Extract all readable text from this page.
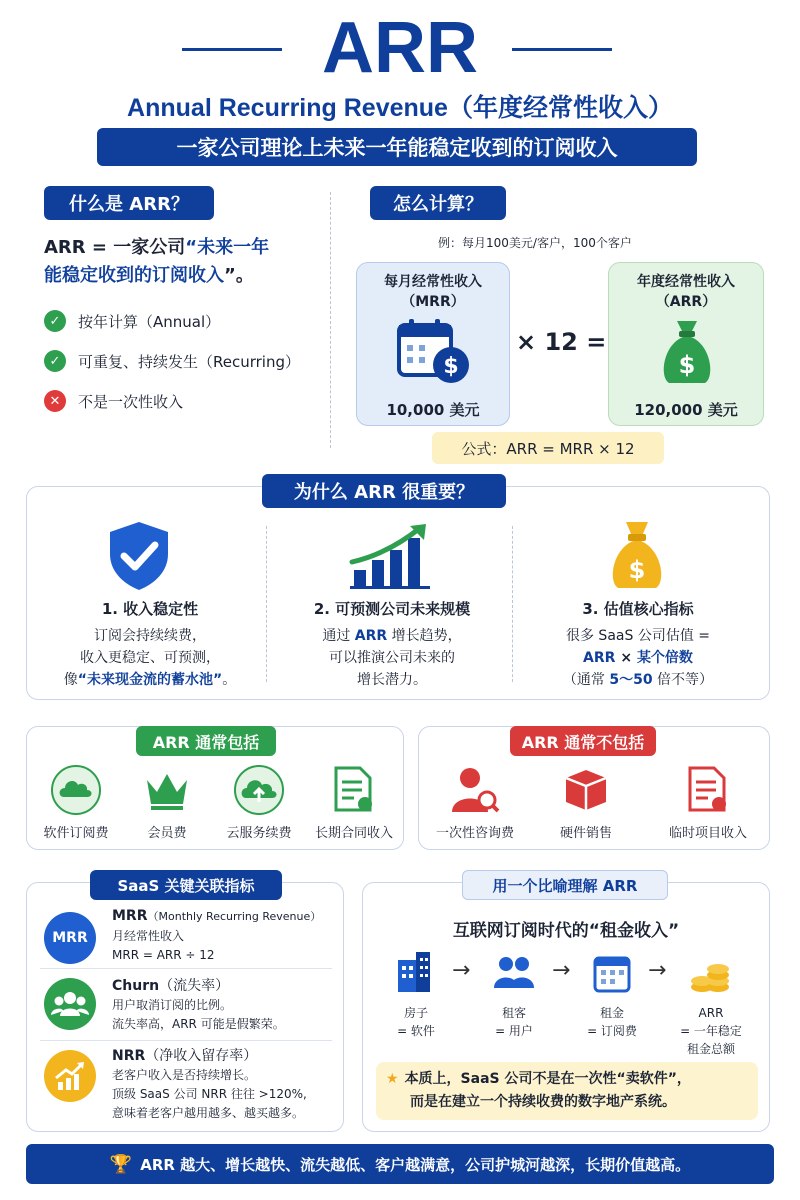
ARR
Annual Recurring Revenue（年度经常性收入）
一家公司理论上未来一年能稳定收到的订阅收入
什么是 ARR？
ARR = 一家公司“未来一年
能稳定收到的订阅收入”。
✓	按年计算（Annual）
✓	可重复、持续发生（Recurring）
✕	不是一次性收入
怎么计算？
例：每月100美元/客户，100个客户
每月经常性收入
（MRR）
$
10,000 美元
× 12 =
年度经常性收入
（ARR）
$
120,000 美元
公式：ARR = MRR × 12
为什么 ARR 很重要？
1. 收入稳定性
订阅会持续续费，
收入更稳定、可预测，
像“未来现金流的蓄水池”。
2. 可预测公司未来规模
通过 ARR 增长趋势，
可以推演公司未来的
增长潜力。
$
3. 估值核心指标
很多 SaaS 公司估值 =
ARR × 某个倍数
（通常 5～50 倍不等）
ARR 通常包括
软件订阅费	会员费	云服务续费	长期合同收入
ARR 通常不包括
一次性咨询费	硬件销售	临时项目收入
SaaS 关键关联指标
MRR
MRR（Monthly Recurring Revenue）
月经常性收入
MRR = ARR ÷ 12
Churn（流失率）
用户取消订阅的比例。
流失率高，ARR 可能是假繁荣。
NRR（净收入留存率）
老客户收入是否持续增长。
顶级 SaaS 公司 NRR 往往 >120%,
意味着老客户越用越多、越买越多。
用一个比喻理解 ARR
互联网订阅时代的“租金收入”
→	→	→
房子
= 软件
租客
= 用户
租金
= 订阅费
ARR
= 一年稳定
租金总额
★ 本质上，SaaS 公司不是在一次性“卖软件”，
而是在建立一个持续收费的数字地产系统。
🏆 ARR 越大、增长越快、流失越低、客户越满意，公司护城河越深，长期价值越高。
